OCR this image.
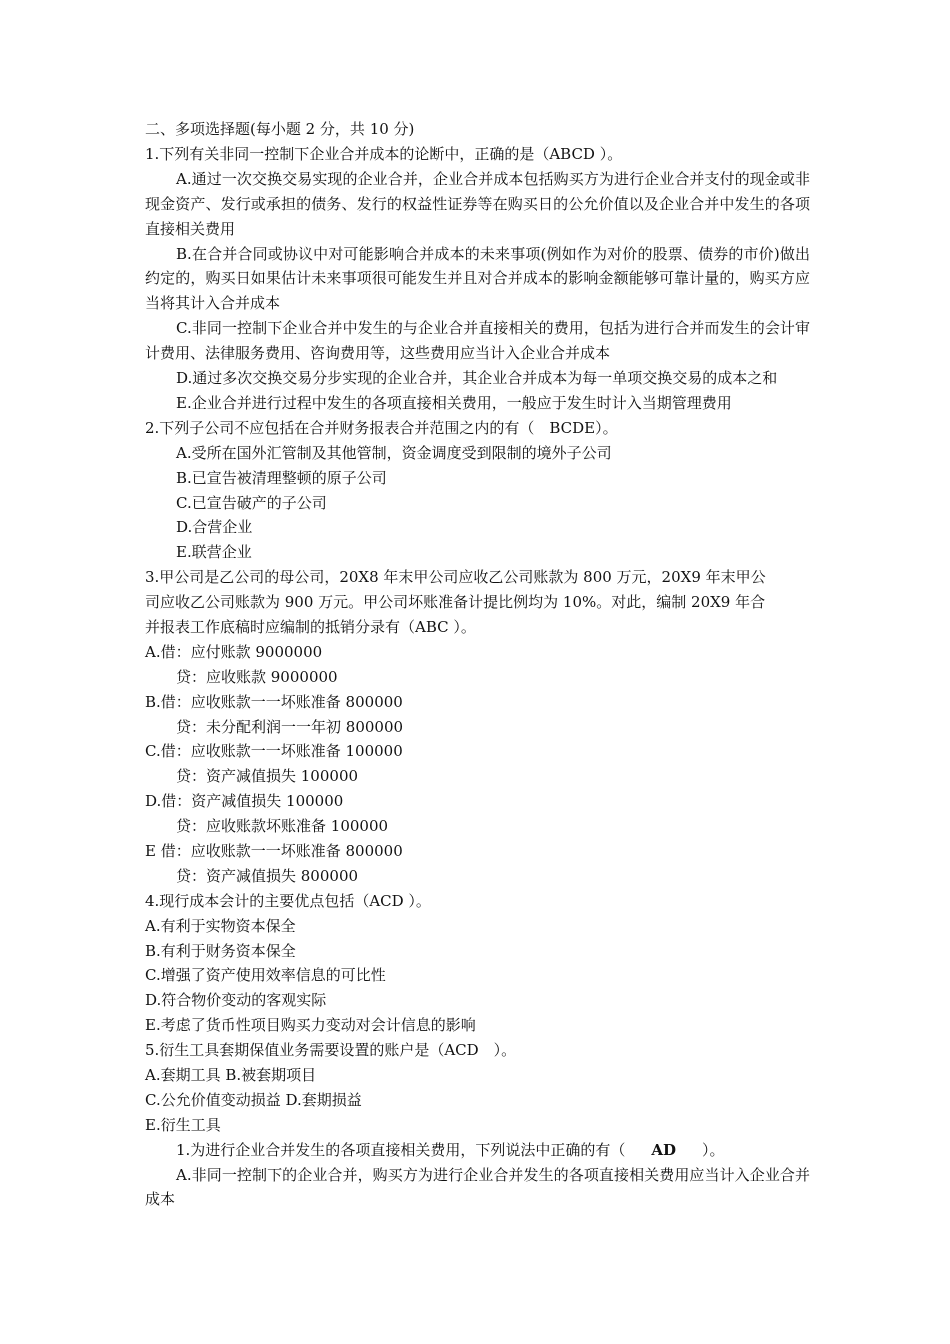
二、多项选择题(每小题 2 分，共 10 分)
1.下列有关非同一控制下企业合并成本的论断中，正确的是（ABCD ）。
A.通过一次交换交易实现的企业合并，企业合并成本包括购买方为进行企业合并支付的现金或非现金资产、发行或承担的债务、发行的权益性证券等在购买日的公允价值以及企业合并中发生的各项直接相关费用
B.在合并合同或协议中对可能影响合并成本的未来事项(例如作为对价的股票、债券的市价)做出约定的，购买日如果估计未来事项很可能发生并且对合并成本的影响金额能够可靠计量的，购买方应当将其计入合并成本
C.非同一控制下企业合并中发生的与企业合并直接相关的费用，包括为进行合并而发生的会计审计费用、法律服务费用、咨询费用等，这些费用应当计入企业合并成本
D.通过多次交换交易分步实现的企业合并，其企业合并成本为每一单项交换交易的成本之和
E.企业合并进行过程中发生的各项直接相关费用，一般应于发生时计入当期管理费用
2.下列子公司不应包括在合并财务报表合并范围之内的有（　BCDE）。
A.受所在国外汇管制及其他管制，资金调度受到限制的境外子公司
B.已宣告被清理整顿的原子公司
C.已宣告破产的子公司
D.合营企业
E.联营企业
3.甲公司是乙公司的母公司，20X8 年末甲公司应收乙公司账款为 800 万元，20X9 年末甲公
司应收乙公司账款为 900 万元。甲公司坏账准备计提比例均为 10%。对此，编制 20X9 年合
并报表工作底稿时应编制的抵销分录有（ABC ）。
A.借：应付账款 9000000
贷：应收账款 9000000
B.借：应收账款一一坏账准备 800000
贷：未分配利润一一年初 800000
C.借：应收账款一一坏账准备 100000
贷：资产减值损失 100000
D.借：资产减值损失 100000
贷：应收账款坏账准备 100000
E 借：应收账款一一坏账准备 800000
贷：资产减值损失 800000
4.现行成本会计的主要优点包括（ACD ）。
A.有利于实物资本保全
B.有利于财务资本保全
C.增强了资产使用效率信息的可比性
D.符合物价变动的客观实际
E.考虑了货币性项目购买力变动对会计信息的影响
5.衍生工具套期保值业务需要设置的账户是（ACD　）。
A.套期工具 B.被套期项目
C.公允价值变动损益 D.套期损益
E.衍生工具
1.为进行企业合并发生的各项直接相关费用，下列说法中正确的有（ AD ）。
A.非同一控制下的企业合并，购买方为进行企业合并发生的各项直接相关费用应当计入企业合并成本
